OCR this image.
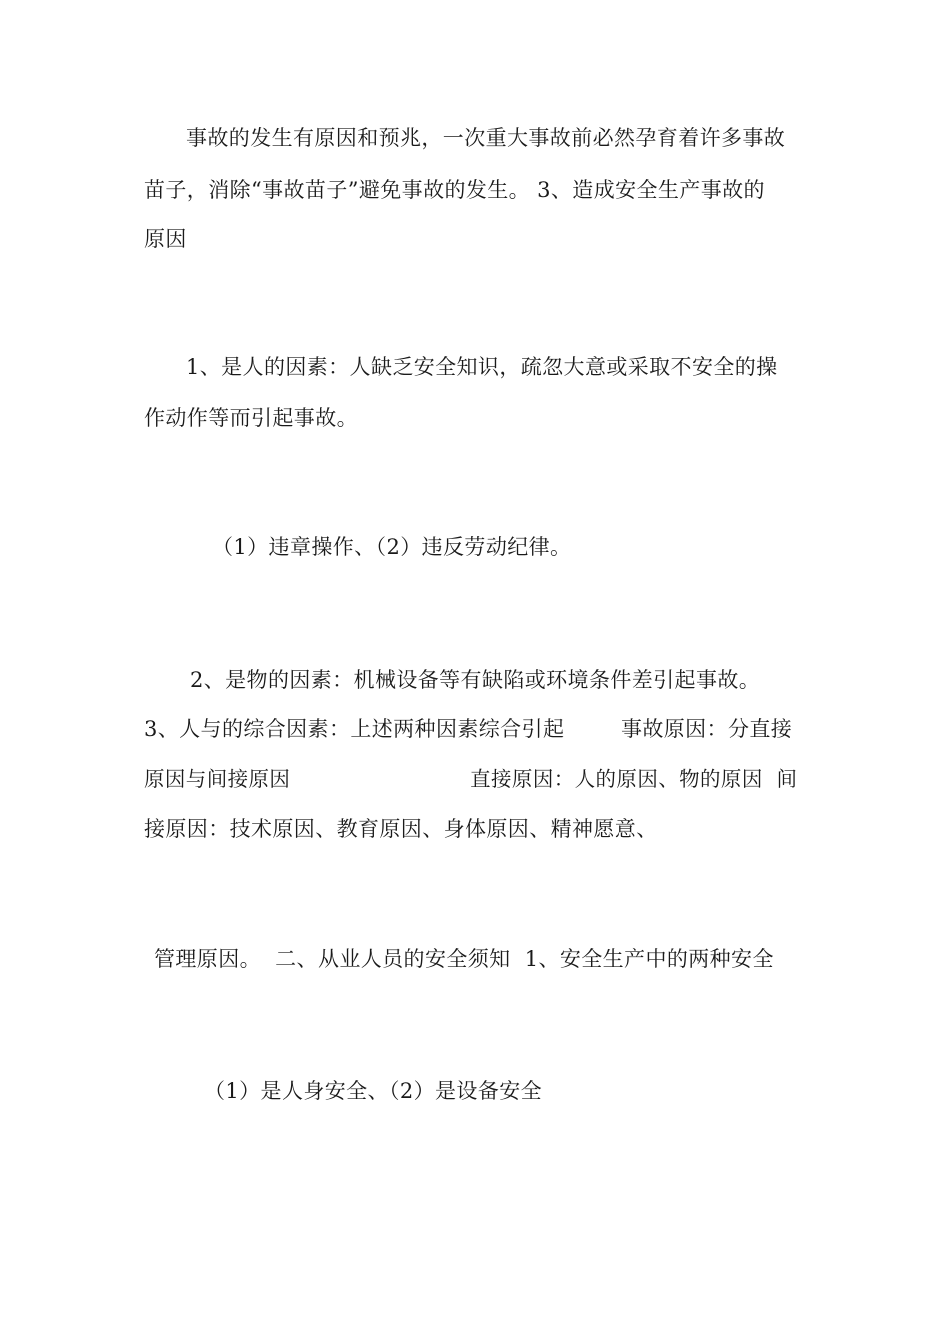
事故的发生有原因和预兆，一次重大事故前必然孕育着许多事故
苗子，消除“事故苗子”避免事故的发生。 3、造成安全生产事故的
原因
1、是人的因素：人缺乏安全知识，疏忽大意或采取不安全的操
作动作等而引起事故。
（1）违章操作、（2）违反劳动纪律。
2、是物的因素：机械设备等有缺陷或环境条件差引起事故。
3、人与的综合因素：上述两种因素综合引起        事故原因：分直接
原因与间接原因                          直接原因：人的原因、物的原因  间
接原因：技术原因、教育原因、身体原因、精神愿意、
管理原因。  二、从业人员的安全须知  1、安全生产中的两种安全
（1）是人身安全、（2）是设备安全
